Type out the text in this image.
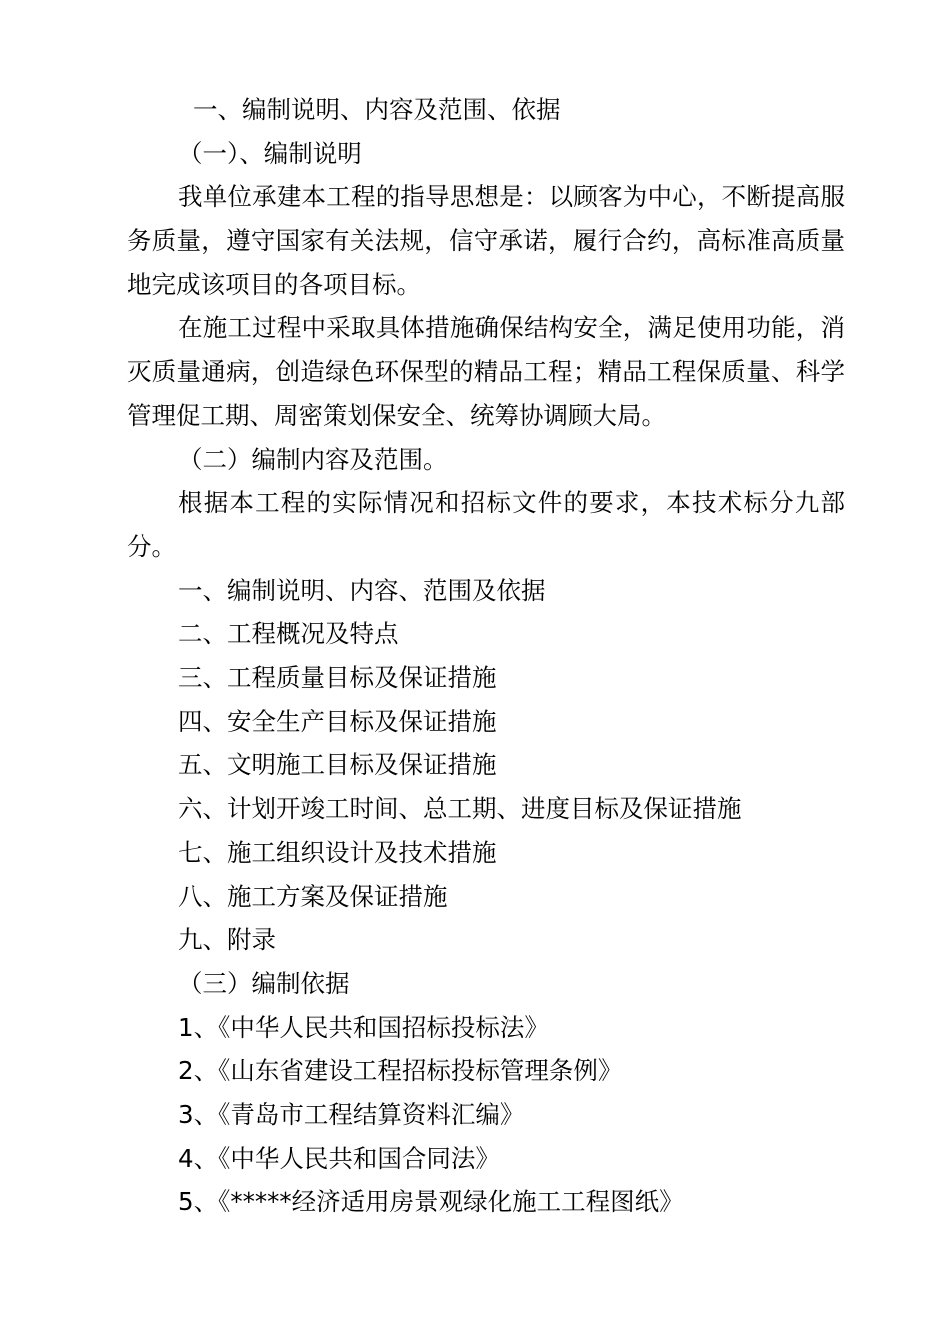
一、编制说明、内容及范围、依据
（一）、编制说明

我单位承建本工程的指导思想是：以顾客为中心，不断提高服务质量，遵守国家有关法规，信守承诺，履行合约，高标准高质量地完成该项目的各项目标。

在施工过程中采取具体措施确保结构安全，满足使用功能，消灭质量通病，创造绿色环保型的精品工程；精品工程保质量、科学管理促工期、周密策划保安全、统筹协调顾大局。

（二）编制内容及范围。

根据本工程的实际情况和招标文件的要求，本技术标分九部分。

一、编制说明、内容、范围及依据
二、工程概况及特点
三、工程质量目标及保证措施
四、安全生产目标及保证措施
五、文明施工目标及保证措施
六、计划开竣工时间、总工期、进度目标及保证措施
七、施工组织设计及技术措施
八、施工方案及保证措施
九、附录
（三）编制依据
1、《中华人民共和国招标投标法》
2、《山东省建设工程招标投标管理条例》
3、《青岛市工程结算资料汇编》
4、《中华人民共和国合同法》
5、《*****经济适用房景观绿化施工工程图纸》
